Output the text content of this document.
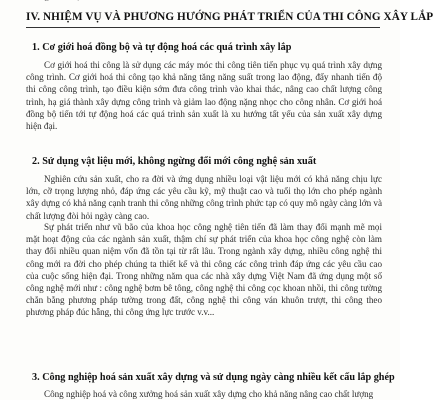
IV. NHIỆM VỤ VÀ PHƯƠNG HƯỚNG PHÁT TRIỂN CỦA THI CÔNG XÂY LẮP
1. Cơ giới hoá đồng bộ và tự động hoá các quá trình xây lắp

Cơ giới hoá thi công là sử dụng các máy móc thi công tiên tiến phục vụ quá trình xây dựng công trình. Cơ giới hoá thi công tạo khả năng tăng năng suất trong lao động, đẩy nhanh tiến độ thi công công trình, tạo điều kiện sớm đưa công trình vào khai thác, nâng cao chất lượng công trình, hạ giá thành xây dựng công trình và giảm lao động nặng nhọc cho công nhân. Cơ giới hoá đồng bộ tiến tới tự động hoá các quá trình sản xuất là xu hướng tất yếu của sản xuất xây dựng hiện đại.

2. Sử dụng vật liệu mới, không ngừng đổi mới công nghệ sản xuất

Nghiên cứu sản xuất, cho ra đời và ứng dụng nhiều loại vật liệu mới có khả năng chịu lực lớn, cỡ trọng lượng nhỏ, đáp ứng các yêu cầu kỹ, mỹ thuật cao và tuổi thọ lớn cho phép ngành xây dựng có khả năng cạnh tranh thi công những công trình phức tạp có quy mô ngày càng lớn và chất lượng đòi hỏi ngày càng cao.

Sự phát triển như vũ bão của khoa học công nghệ tiên tiến đã làm thay đổi mạnh mẽ mọi mặt hoạt động của các ngành sản xuất, thậm chí sự phát triển của khoa học công nghệ còn làm thay đổi nhiều quan niệm vốn đã tồn tại từ rất lâu. Trong ngành xây dựng, nhiều công nghệ thi công mới ra đời cho phép chúng ta thiết kế và thi công các công trình đáp ứng các yêu cầu cao của cuộc sống hiện đại. Trong những năm qua các nhà xây dựng Việt Nam đã ứng dụng một số công nghệ mới như : công nghệ bơm bê tông, công nghệ thi công cọc khoan nhồi, thi công tường chắn bằng phương pháp tường trong đất, công nghệ thi công ván khuôn trượt, thi công theo phương pháp đúc hẫng, thi công ứng lực trước v.v...

3. Công nghiệp hoá sản xuất xây dựng và sử dụng ngày càng nhiều kết cấu lắp ghép

Công nghiệp hoá và công xưởng hoá sản xuất xây dựng cho khả năng nâng cao chất lượng
